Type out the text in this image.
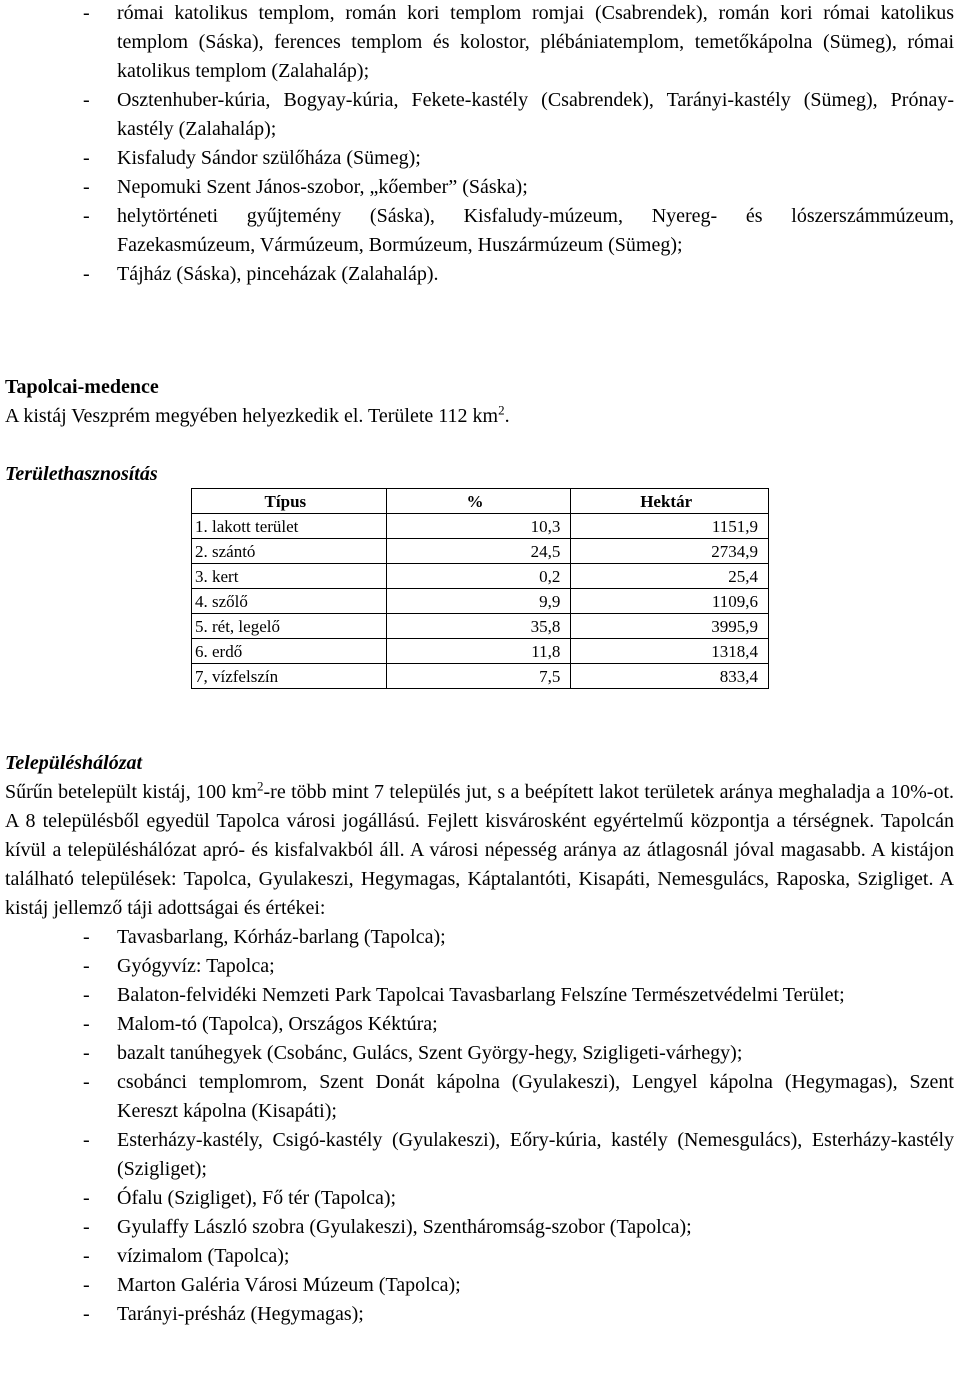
- római katolikus templom, román kori templom romjai (Csabrendek), román kori római katolikus templom (Sáska), ferences templom és kolostor, plébániatemplom, temetőkápolna (Sümeg), római katolikus templom (Zalahaláp);
- Osztenhuber-kúria, Bogyay-kúria, Fekete-kastély (Csabrendek), Tarányi-kastély (Sümeg), Prónay-kastély (Zalahaláp);
- Kisfaludy Sándor szülőháza (Sümeg);
- Nepomuki Szent János-szobor, „kőember” (Sáska);
- helytörténeti gyűjtemény (Sáska), Kisfaludy-múzeum, Nyereg- és lószerszámmúzeum, Fazekasmúzeum, Vármúzeum, Bormúzeum, Huszármúzeum (Sümeg);
- Tájház (Sáska), pinceházak (Zalahaláp).
Tapolcai-medence
A kistáj Veszprém megyében helyezkedik el. Területe 112 $km^2$.
Területhasznosítás
Típus	%	Hektár
1. lakott terület	10,3	1151,9
2. szántó	24,5	2734,9
3. kert	0,2	25,4
4. szőlő	9,9	1109,6
5. rét, legelő	35,8	3995,9
6. erdő	11,8	1318,4
7, vízfelszín	7,5	833,4
Településhálózat

Sűrűn betelepült kistáj, 100 $km^2-re$ több mint 7 település jut, s a beépített lakot területek aránya meghaladja a 10%-ot. A 8 településből egyedül Tapolca városi jogállású. Fejlett kisvárosként egyértelmű központja a térségnek. Tapolcán kívül a településhálózat apró- és kisfalvakból áll. A városi népesség aránya az átlagosnál jóval magasabb. A kistájon található települések: Tapolca, Gyulakeszi, Hegymagas, Káptalantóti, Kisapáti, Nemesgulács, Raposka, Szigliget. A kistáj jellemző táji adottságai és értékei:

- Tavasbarlang, Kórház-barlang (Tapolca);
- Gyógyvíz: Tapolca;
- Balaton-felvidéki Nemzeti Park Tapolcai Tavasbarlang Felszíne Természetvédelmi Terület;
- Malom-tó (Tapolca), Országos Kéktúra;
- bazalt tanúhegyek (Csobánc, Gulács, Szent György-hegy, Szigligeti-várhegy);
- csobánci templomrom, Szent Donát kápolna (Gyulakeszi), Lengyel kápolna (Hegymagas), Szent Kereszt kápolna (Kisapáti);
- Esterházy-kastély, Csigó-kastély (Gyulakeszi), Eőry-kúria, kastély (Nemesgulács), Esterházy-kastély (Szigliget);
- Ófalu (Szigliget), Fő tér (Tapolca);
- Gyulaffy László szobra (Gyulakeszi), Szentháromság-szobor (Tapolca);
- vízimalom (Tapolca);
- Marton Galéria Városi Múzeum (Tapolca);
- Tarányi-présház (Hegymagas);
